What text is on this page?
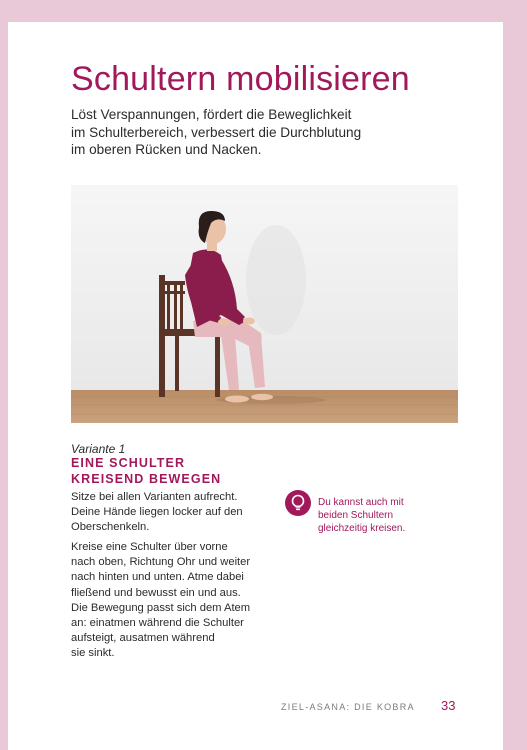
Schultern mobilisieren

Löst Verspannungen, fördert die Beweglichkeit
im Schulterbereich, verbessert die Durchblutung
im oberen Rücken und Nacken.

Variante 1

EINE SCHULTER
KREISEND BEWEGEN

Sitze bei allen Varianten aufrecht.
Deine Hände liegen locker auf den
Oberschenkeln.

Kreise eine Schulter über vorne
nach oben, Richtung Ohr und weiter
nach hinten und unten. Atme dabei
fließend und bewusst ein und aus.
Die Bewegung passt sich dem Atem
an: einatmen während die Schulter
aufsteigt, ausatmen während
sie sinkt.

Du kannst auch mit
beiden Schultern
gleichzeitig kreisen.

ZIEL-ASANA: DIE KOBRA 33
